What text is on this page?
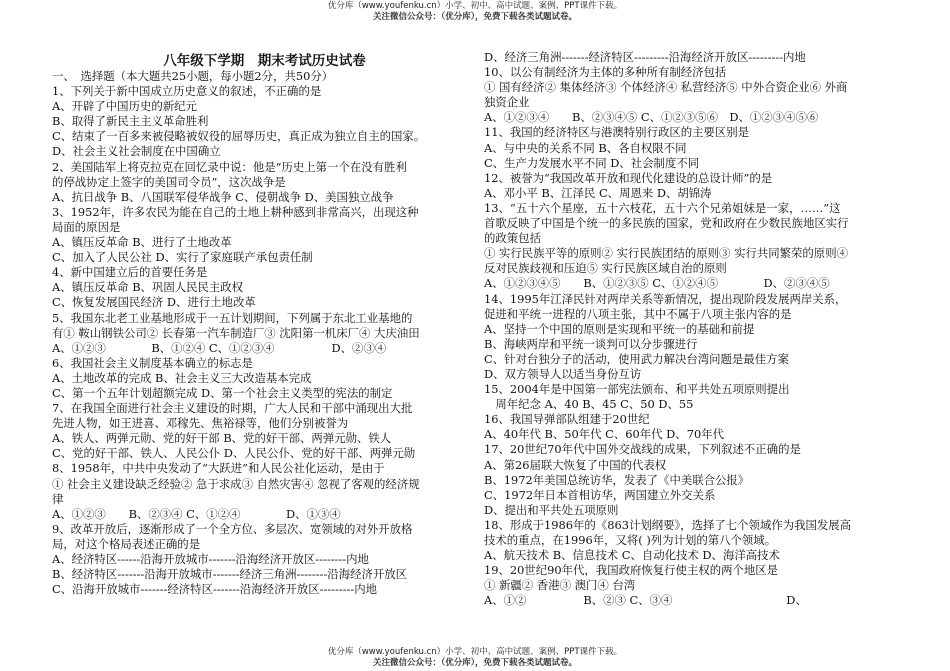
优分库（www.youfenku.cn）小学、初中、高中试题、案例、PPT课件下载。
关注微信公众号：（优分库），免费下载各类试题试卷。
八年级下学期　期末考试历史试卷
一、　选择题（本大题共25小题，每小题2分，共50分）
1、下列关于新中国成立历史意义的叙述，不正确的是
A、开辟了中国历史的新纪元
B、取得了新民主主义革命胜利
C、结束了一百多来被侵略被奴役的屈辱历史，真正成为独立自主的国家。
D、社会主义社会制度在中国确立
2、美国陆军上将克拉克在回忆录中说：他是“历史上第一个在没有胜利
的停战协定上签字的美国司令员”，这次战争是
A、抗日战争 B、八国联军侵华战争 C、侵朝战争 D、美国独立战争
3、1952年，许多农民为能在自己的土地上耕种感到非常高兴，出现这种
局面的原因是
A、镇压反革命 B、进行了土地改革
C、加入了人民公社 D、实行了家庭联产承包责任制
4、新中国建立后的首要任务是
A、镇压反革命 B、巩固人民民主政权
C、恢复发展国民经济 D、进行土地改革
5、我国东北老工业基地形成于一五计划期间，下列属于东北工业基地的
有① 鞍山钢铁公司② 长春第一汽车制造厂③ 沈阳第一机床厂④ 大庆油田
A、①②③　　　　B、①②④ C、①②③④　　　　　D、②③④
6、我国社会主义制度基本确立的标志是
A、土地改革的完成 B、社会主义三大改造基本完成
C、第一个五年计划超额完成 D、第一个社会主义类型的宪法的制定
7、在我国全面进行社会主义建设的时期，广大人民和干部中涌现出大批
先进人物，如王进喜、邓稼先、焦裕禄等，他们分别被誉为
A、铁人、两弹元勋、党的好干部 B、党的好干部、两弹元勋、铁人
C、党的好干部、铁人、人民公仆 D、人民公仆、党的好干部、两弹元勋
8、1958年，中共中央发动了“大跃进”和人民公社化运动，是由于
① 社会主义建设缺乏经验② 急于求成③ 自然灾害④ 忽视了客观的经济规
律
A、①②③　　B、②③④ C、①②④　　　　D、①③④
9、改革开放后，逐渐形成了一个全方位、多层次、宽领域的对外开放格
局，对这个格局表述正确的是
A、经济特区------沿海开放城市-------沿海经济开放区--------内地
B、经济特区-------沿海开放城市-------经济三角洲--------沿海经济开放区
C、沿海开放城市-------经济特区-------沿海经济开放区---------内地
D、经济三角洲-------经济特区---------沿海经济开放区---------内地
10、以公有制经济为主体的多种所有制经济包括
① 国有经济② 集体经济③ 个体经济④ 私营经济⑤ 中外合资企业⑥ 外商
独资企业
A、①②③④　　B、②③④⑤ C、①②③⑤⑥　D、①②③④⑤⑥
11、我国的经济特区与港澳特别行政区的主要区别是
A、与中央的关系不同 B、各自权限不同
C、生产力发展水平不同 D、社会制度不同
12、被誉为“我国改革开放和现代化建设的总设计师”的是
A、邓小平 B、江泽民 C、周恩来 D、胡锦涛
13、“五十六个星座，五十六枝花，五十六个兄弟姐妹是一家，……”这
首歌反映了中国是个统一的多民族的国家，党和政府在少数民族地区实行
的政策包括
① 实行民族平等的原则② 实行民族团结的原则③ 实行共同繁荣的原则④
反对民族歧视和压迫⑤ 实行民族区域自治的原则
A、①②③④⑤　　B、①②③⑤ C、①②④⑤　　　　D、②③④⑤
14、1995年江泽民针对两岸关系等新情况，提出现阶段发展两岸关系，
促进和平统一进程的八项主张，其中不属于八项主张内容的是
A、坚持一个中国的原则是实现和平统一的基础和前提
B、海峡两岸和平统一谈判可以分步骤进行
C、针对台独分子的活动，使用武力解决台湾问题是最佳方案
D、双方领导人以适当身份互访
15、2004年是中国第一部宪法颁布、和平共处五项原则提出
　周年纪念 A、40 B、45 C、50 D、55
16、我国导弹部队组建于20世纪
A、40年代 B、50年代 C、60年代 D、70年代
17、20世纪70年代中国外交战线的成果，下列叙述不正确的是
A、第26届联大恢复了中国的代表权
B、1972年美国总统访华，发表了《中美联合公报》
C、1972年日本首相访华，两国建立外交关系
D、提出和平共处五项原则
18、形成于1986年的《863计划纲要》，选择了七个领域作为我国发展高
技术的重点，在1996年，又将( )列为计划的第八个领域。
A、航天技术 B、信息技术 C、自动化技术 D、海洋高技术
19、20世纪90年代，我国政府恢复行使主权的两个地区是
① 新疆② 香港③ 澳门④ 台湾
A、①②　　　　　B、②③ C、③④　　　　　　　　　　D、
优分库（www.youfenku.cn）小学、初中、高中试题、案例、PPT课件下载。
关注微信公众号：（优分库），免费下载各类试题试卷。
